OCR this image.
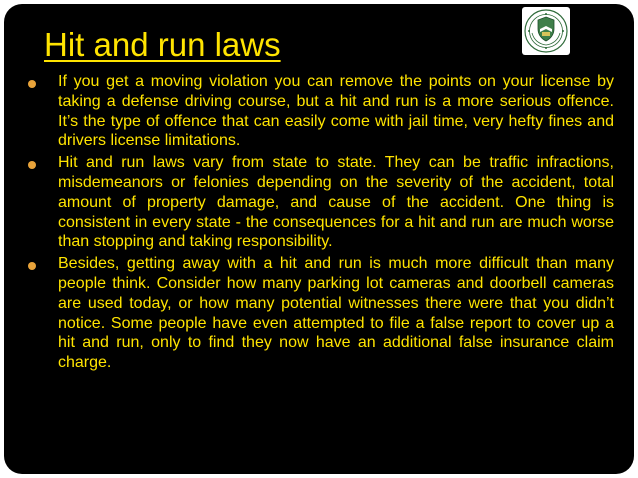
Hit and run laws
If you get a moving violation you can remove the points on your license by taking a defense driving course, but a hit and run is a more serious offence. It’s the type of offence that can easily come with jail time, very hefty fines and drivers license limitations.
Hit and run laws vary from state to state. They can be traffic infractions, misdemeanors or felonies depending on the severity of the accident, total amount of property damage, and cause of the accident. One thing is consistent in every state - the consequences for a hit and run are much worse than stopping and taking responsibility.
Besides, getting away with a hit and run is much more difficult than many people think. Consider how many parking lot cameras and doorbell cameras are used today, or how many potential witnesses there were that you didn’t notice. Some people have even attempted to file a false report to cover up a hit and run, only to find they now have an additional false insurance claim charge.
